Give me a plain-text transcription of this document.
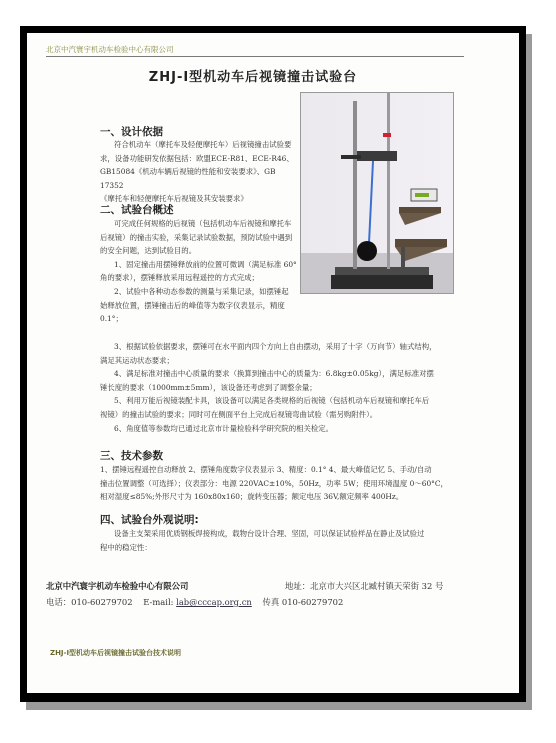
北京中汽寰宇机动车检验中心有限公司
ZHJ-Ⅰ型机动车后视镜撞击试验台
一、设计依据
符合机动车（摩托车及轻便摩托车）后视镜撞击试验要
求，设备功能研发依据包括：欧盟ECE-R81、ECE-R46、
GB15084《机动车辆后视镜的性能和安装要求》、GB 17352
《摩托车和轻便摩托车后视镜及其安装要求》
二、试验台概述
可完成任何规格的后视镜（包括机动车后视镜和摩托车
后视镜）的撞击实验，采集记录试验数据，预防试验中遇到
的安全问题，达到试验目的。
1、固定撞击用摆锤释放前的位置可微调（满足标准 60°
角的要求），摆锤释放采用远程遥控的方式完成；
2、试验中各种动态参数的测量与采集记录，如摆锤起
始释放位置，摆锤撞击后的峰值等为数字仪表显示，精度
0.1°；
3、根据试验依据要求，摆锤可在水平面内四个方向上自由摆动，采用了十字（万向节）轴式结构，
满足其运动状态要求；
4、满足标准对撞击中心质量的要求（换算到撞击中心的质量为：6.8kg±0.05kg），满足标准对摆
锤长度的要求（1000mm±5mm），该设备还考虑到了调整余量；
5、利用万能后视镜装配卡具，该设备可以满足各类规格的后视镜（包括机动车后视镜和摩托车后
视镜）的撞击试验的要求；同时可在侧面平台上完成后视镜弯曲试验（需另购附件）。
6、角度值等参数均已通过北京市计量检验科学研究院的相关检定。
三、技术参数
1、摆锤远程遥控自动释放 2、摆锤角度数字仪表显示 3、精度：0.1° 4、最大峰值记忆 5、手动/自动
撞击位置调整（可选择）；仪表部分：电源 220VAC±10%，50Hz，功率 5W；使用环境温度 0～60°C，
相对湿度≤85%;外形尺寸为 160x80x160；旋转变压器；额定电压 36V,额定频率 400Hz。
四、试验台外观说明:
设备主支架采用优质钢板焊接构成，载物台设计合理、坚固，可以保证试验样品在静止及试验过
程中的稳定性：
北京中汽寰宇机动车检验中心有限公司	地址：北京市大兴区北臧村镇天荣街 32 号
电话：010-60279702 E-mail: lab@cccap.org.cn 传真 010-60279702
ZHJ-Ⅰ型机动车后视镜撞击试验台技术说明
